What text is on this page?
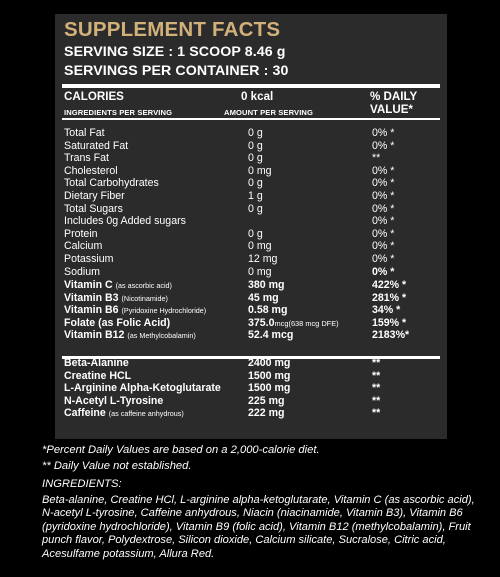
SUPPLEMENT FACTS
SERVING SIZE : 1 SCOOP 8.46 g
SERVINGS PER CONTAINER : 30
CALORIES	0 kcal	% DAILY
VALUE*
INGREDIENTS PER SERVING	AMOUNT PER SERVING
Total Fat	0 g	0% *
Saturated Fat	0 g	0% *
Trans Fat	0 g	**
Cholesterol	0 mg	0% *
Total Carbohydrates	0 g	0% *
Dietary Fiber	1 g	0% *
Total Sugars	0 g	0% *
Includes 0g Added sugars	0% *
Protein	0 g	0% *
Calcium	0 mg	0% *
Potassium	12 mg	0% *
Sodium	0 mg	0% *
Vitamin C (as ascorbic acid)	380 mg	422% *
Vitamin B3 (Nicotinamide)	45 mg	281% *
Vitamin B6 (Pyridoxine Hydrochloride)	0.58 mg	34% *
Folate (as Folic Acid)	375.0mcg(638 mcg DFE)	159% *
Vitamin B12 (as Methylcobalamin)	52.4 mcg	2183%*
Beta-Alanine	2400 mg	**
Creatine HCL	1500 mg	**
L-Arginine Alpha-Ketoglutarate	1500 mg	**
N-Acetyl L-Tyrosine	225 mg	**
Caffeine (as caffeine anhydrous)	222 mg	**
*Percent Daily Values are based on a 2,000-calorie diet.
** Daily Value not established.
INGREDIENTS:
Beta-alanine, Creatine HCl, L-arginine alpha-ketoglutarate, Vitamin C (as ascorbic acid), N-acetyl L-tyrosine, Caffeine anhydrous, Niacin (niacinamide, Vitamin B3), Vitamin B6 (pyridoxine hydrochloride), Vitamin B9 (folic acid), Vitamin B12 (methylcobalamin), Fruit punch flavor, Polydextrose, Silicon dioxide, Calcium silicate, Sucralose, Citric acid, Acesulfame potassium, Allura Red.
